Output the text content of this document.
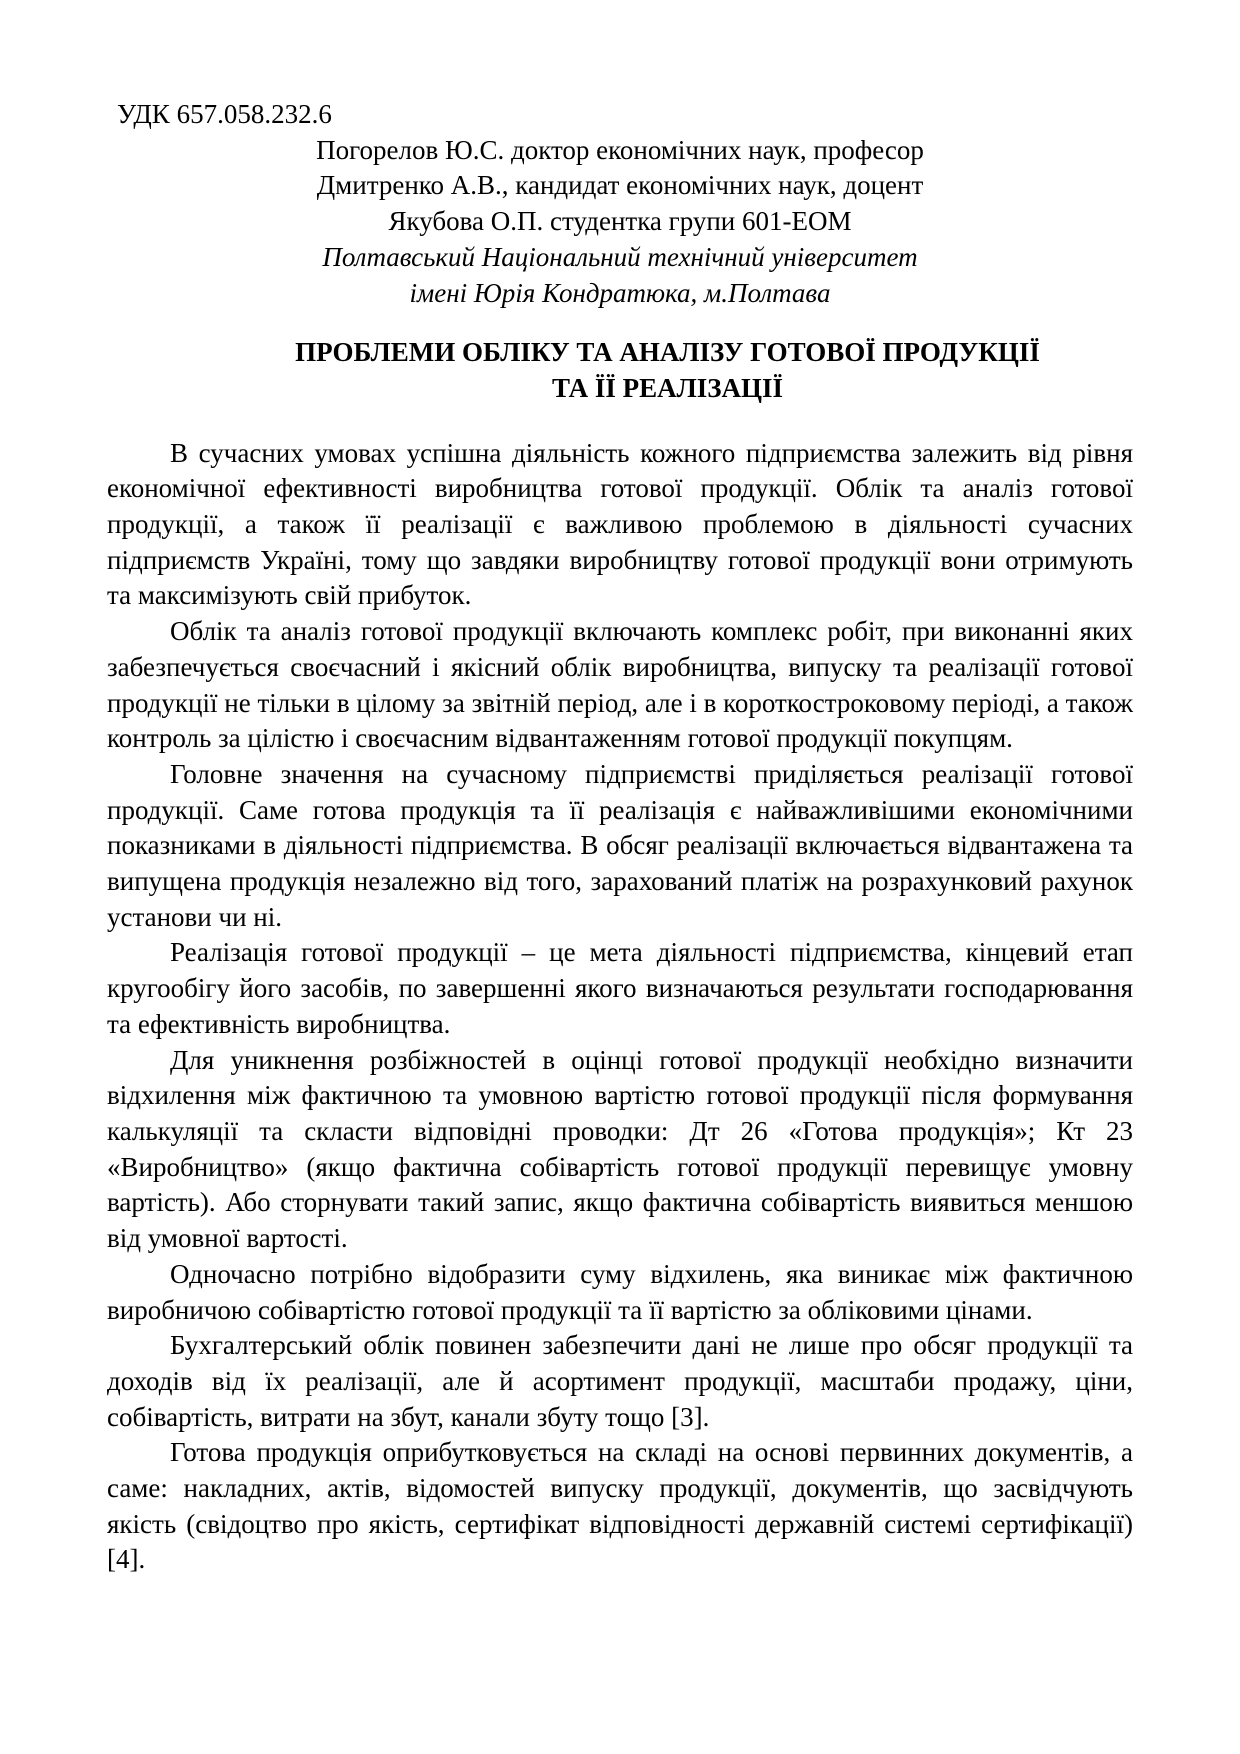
УДК 657.058.232.6

Погорелов Ю.С. доктор економічних наук, професор

Дмитренко А.В., кандидат економічних наук, доцент

Якубова О.П. студентка групи 601-ЕОМ

Полтавський Національний технічний університет

імені Юрія Кондратюка, м.Полтава

ПРОБЛЕМИ ОБЛІКУ ТА АНАЛІЗУ ГОТОВОЇ ПРОДУКЦІЇ
ТА ЇЇ РЕАЛІЗАЦІЇ

В сучасних умовах успішна діяльність кожного підприємства залежить від рівня економічної ефективності виробництва готової продукції. Облік та аналіз готової продукції, а також її реалізації є важливою проблемою в діяльності сучасних підприємств Україні, тому що завдяки виробництву готової продукції вони отримують та максимізують свій прибуток.

Облік та аналіз готової продукції включають комплекс робіт, при виконанні яких забезпечується своєчасний і якісний облік виробництва, випуску та реалізації готової продукції не тільки в цілому за звітній період, але і в короткостроковому періоді, а також контроль за цілістю і своєчасним відвантаженням готової продукції покупцям.

Головне значення на сучасному підприємстві приділяється реалізації готової продукції. Саме готова продукція та її реалізація є найважливішими економічними показниками в діяльності підприємства. В обсяг реалізації включається відвантажена та випущена продукція незалежно від того, зарахований платіж на розрахунковий рахунок установи чи ні.

Реалізація готової продукції – це мета діяльності підприємства, кінцевий етап кругообігу його засобів, по завершенні якого визначаються результати господарювання та ефективність виробництва.

Для уникнення розбіжностей в оцінці готової продукції необхідно визначити відхилення між фактичною та умовною вартістю готової продукції після формування калькуляції та скласти відповідні проводки: Дт 26 «Готова продукція»; Кт 23 «Виробництво» (якщо фактична собівартість готової продукції перевищує умовну вартість). Або сторнувати такий запис, якщо фактична собівартість виявиться меншою від умовної вартості.

Одночасно потрібно відобразити суму відхилень, яка виникає між фактичною виробничою собівартістю готової продукції та її вартістю за обліковими цінами.

Бухгалтерський облік повинен забезпечити дані не лише про обсяг продукції та доходів від їх реалізації, але й асортимент продукції, масштаби продажу, ціни, собівартість, витрати на збут, канали збуту тощо [3].

Готова продукція оприбутковується на складі на основі первинних документів, а саме: накладних, актів, відомостей випуску продукції, документів, що засвідчують якість (свідоцтво про якість, сертифікат відповідності державній системі сертифікації) [4].
